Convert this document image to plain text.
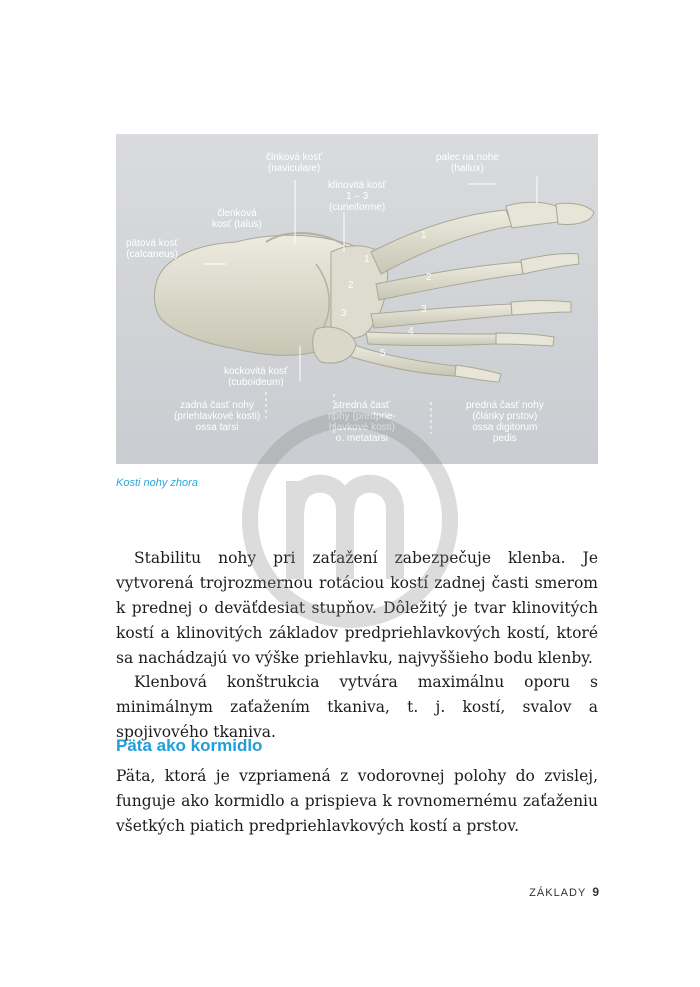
1
2
3
4
5
1
2
3
člnková kosť
(naviculare)
palec na nohe
(hallux)
klinovitá kosť
1 – 3
(cuneiforme)
členková
kosť (talus)
pätová kosť
(calcaneus)
kockovitá kosť
(cuboideum)
zadná časť nohy
(priehlavkové kosti)
ossa tarsi
stredná časť
nohy (predprie-
hlavkové kosti)
o. metatarsi
predná časť nohy
(články prstov)
ossa digitorum
pedis
Kosti nohy zhora

Stabilitu nohy pri zaťažení zabezpečuje klenba. Je vytvorená trojrozmernou rotáciou kostí zadnej časti smerom k prednej o deväťdesiat stupňov. Dôležitý je tvar klinovitých kostí a klinovitých základov predpriehlavkových kostí, ktoré sa nachádzajú vo výške priehlavku, najvyššieho bodu klenby.

Klenbová konštrukcia vytvára maximálnu oporu s minimálnym zaťažením tkaniva, t. j. kostí, svalov a spojivového tkaniva.

Päta ako kormidlo

Päta, ktorá je vzpriamená z vodorovnej polohy do zvislej, funguje ako kormidlo a prispieva k rovnomernému zaťaženiu všetkých piatich predpriehlavkových kostí a prstov.

ZÁKLADY 9
